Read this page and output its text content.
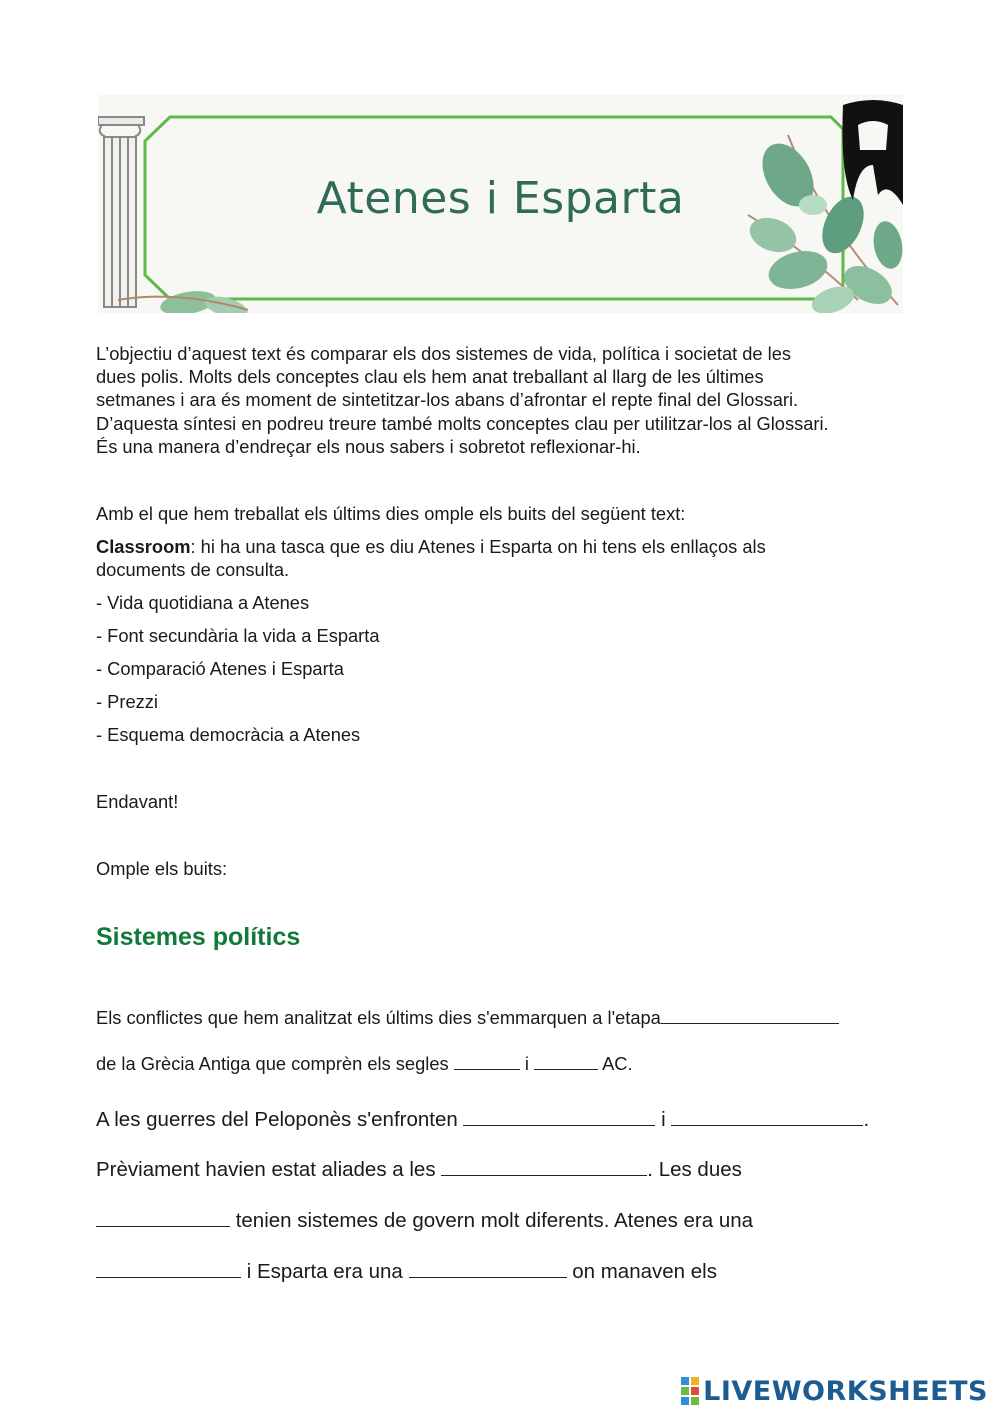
Atenes i Esparta
L’objectiu d’aquest text és comparar els dos sistemes de vida, política i societat de les
dues polis. Molts dels conceptes clau els hem anat treballant al llarg de les últimes
setmanes i ara és moment de sintetitzar-los abans d’afrontar el repte final del Glossari.
D’aquesta síntesi en podreu treure també molts conceptes clau per utilitzar-los al Glossari.
És una manera d’endreçar els nous sabers i sobretot reflexionar-hi.
Amb el que hem treballat els últims dies omple els buits del següent text:
Classroom: hi ha una tasca que es diu Atenes i Esparta on hi tens els enllaços als
documents de consulta.
- Vida quotidiana a Atenes
- Font secundària la vida a Esparta
- Comparació Atenes i Esparta
- Prezzi
- Esquema democràcia a Atenes
Endavant!
Omple els buits:
Sistemes polítics
Els conflictes que hem analitzat els últims dies s'emmarquen a l'etapa
de la Grècia Antiga que comprèn els segles	i	AC.
A les guerres del Peloponès s'enfronten	i	.
Prèviament havien estat aliades a les	. Les dues
tenien sistemes de govern molt diferents. Atenes era una
i Esparta era una	on manaven els
LIVEWORKSHEETS
